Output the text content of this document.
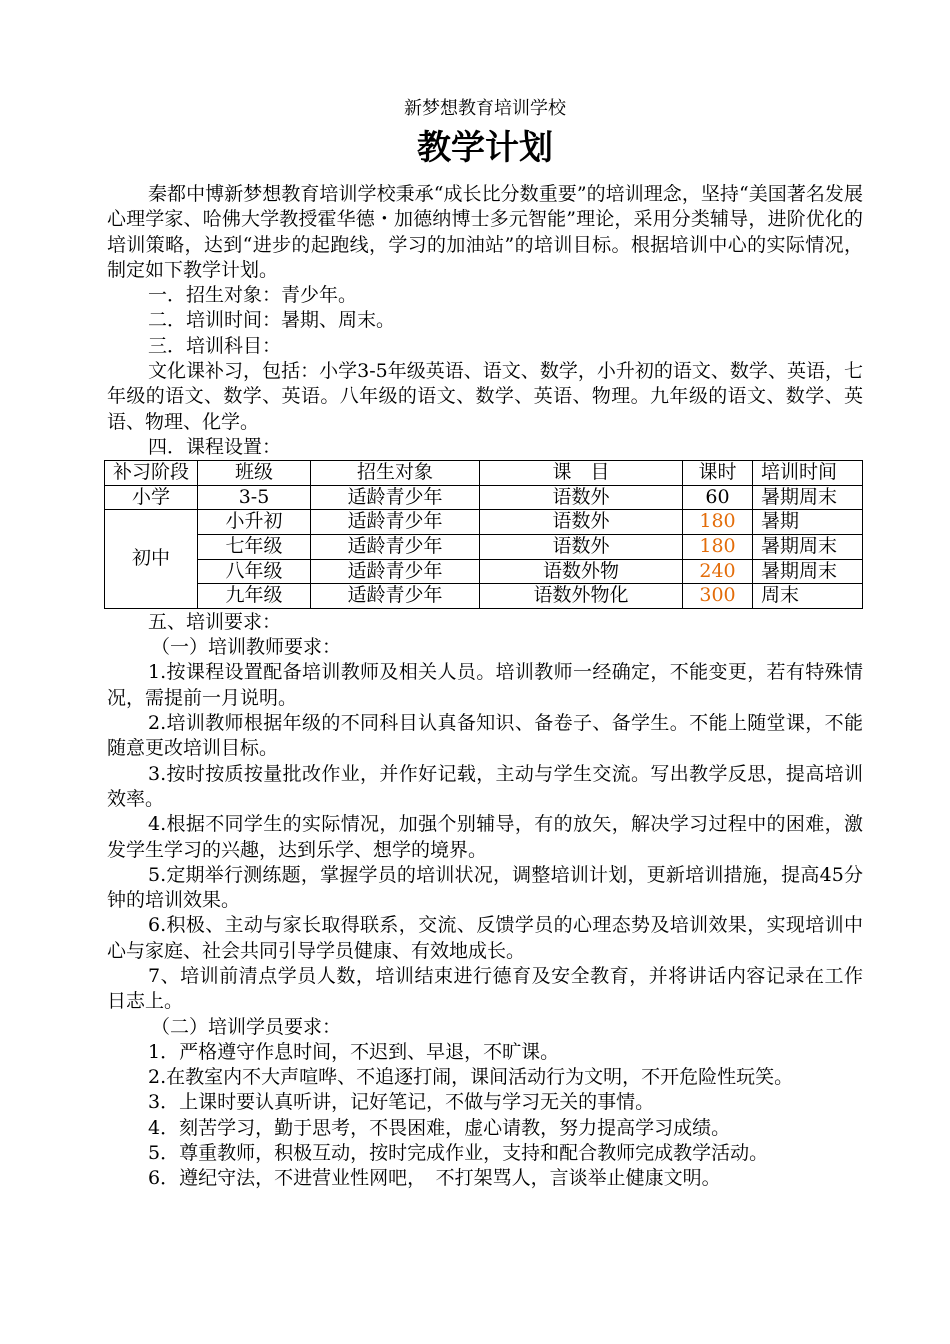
新梦想教育培训学校

教学计划

秦都中博新梦想教育培训学校秉承“成长比分数重要”的培训理念，坚持“美国著名发展心理学家、哈佛大学教授霍华德・加德纳博士多元智能”理论，采用分类辅导，进阶优化的培训策略，达到“进步的起跑线，学习的加油站”的培训目标。根据培训中心的实际情况，制定如下教学计划。

一．招生对象：青少年。

二．培训时间：暑期、周末。

三．培训科目：

文化课补习，包括：小学3-5年级英语、语文、数学，小升初的语文、数学、英语，七年级的语文、数学、英语。八年级的语文、数学、英语、物理。九年级的语文、数学、英语、物理、化学。

四．课程设置：

补习阶段	班级	招生对象	课　目	课时	培训时间
小学	3-5	适龄青少年	语数外	60	暑期周末
初中	小升初	适龄青少年	语数外	180	暑期
	七年级	适龄青少年	语数外	180	暑期周末
	八年级	适龄青少年	语数外物	240	暑期周末
	九年级	适龄青少年	语数外物化	300	周末

五、培训要求：

（一）培训教师要求：

1.按课程设置配备培训教师及相关人员。培训教师一经确定，不能变更，若有特殊情况，需提前一月说明。

2.培训教师根据年级的不同科目认真备知识、备卷子、备学生。不能上随堂课，不能随意更改培训目标。

3.按时按质按量批改作业，并作好记载，主动与学生交流。写出教学反思，提高培训效率。

4.根据不同学生的实际情况，加强个别辅导，有的放矢，解决学习过程中的困难，激发学生学习的兴趣，达到乐学、想学的境界。

5.定期举行测练题，掌握学员的培训状况，调整培训计划，更新培训措施，提高45分钟的培训效果。

6.积极、主动与家长取得联系，交流、反馈学员的心理态势及培训效果，实现培训中心与家庭、社会共同引导学员健康、有效地成长。

7、培训前清点学员人数，培训结束进行德育及安全教育，并将讲话内容记录在工作日志上。

（二）培训学员要求：

1．严格遵守作息时间，不迟到、早退，不旷课。

2.在教室内不大声喧哗、不追逐打闹，课间活动行为文明，不开危险性玩笑。

3．上课时要认真听讲，记好笔记，不做与学习无关的事情。

4．刻苦学习，勤于思考，不畏困难，虚心请教，努力提高学习成绩。

5．尊重教师，积极互动，按时完成作业，支持和配合教师完成教学活动。

6．遵纪守法，不进营业性网吧，　不打架骂人，言谈举止健康文明。
